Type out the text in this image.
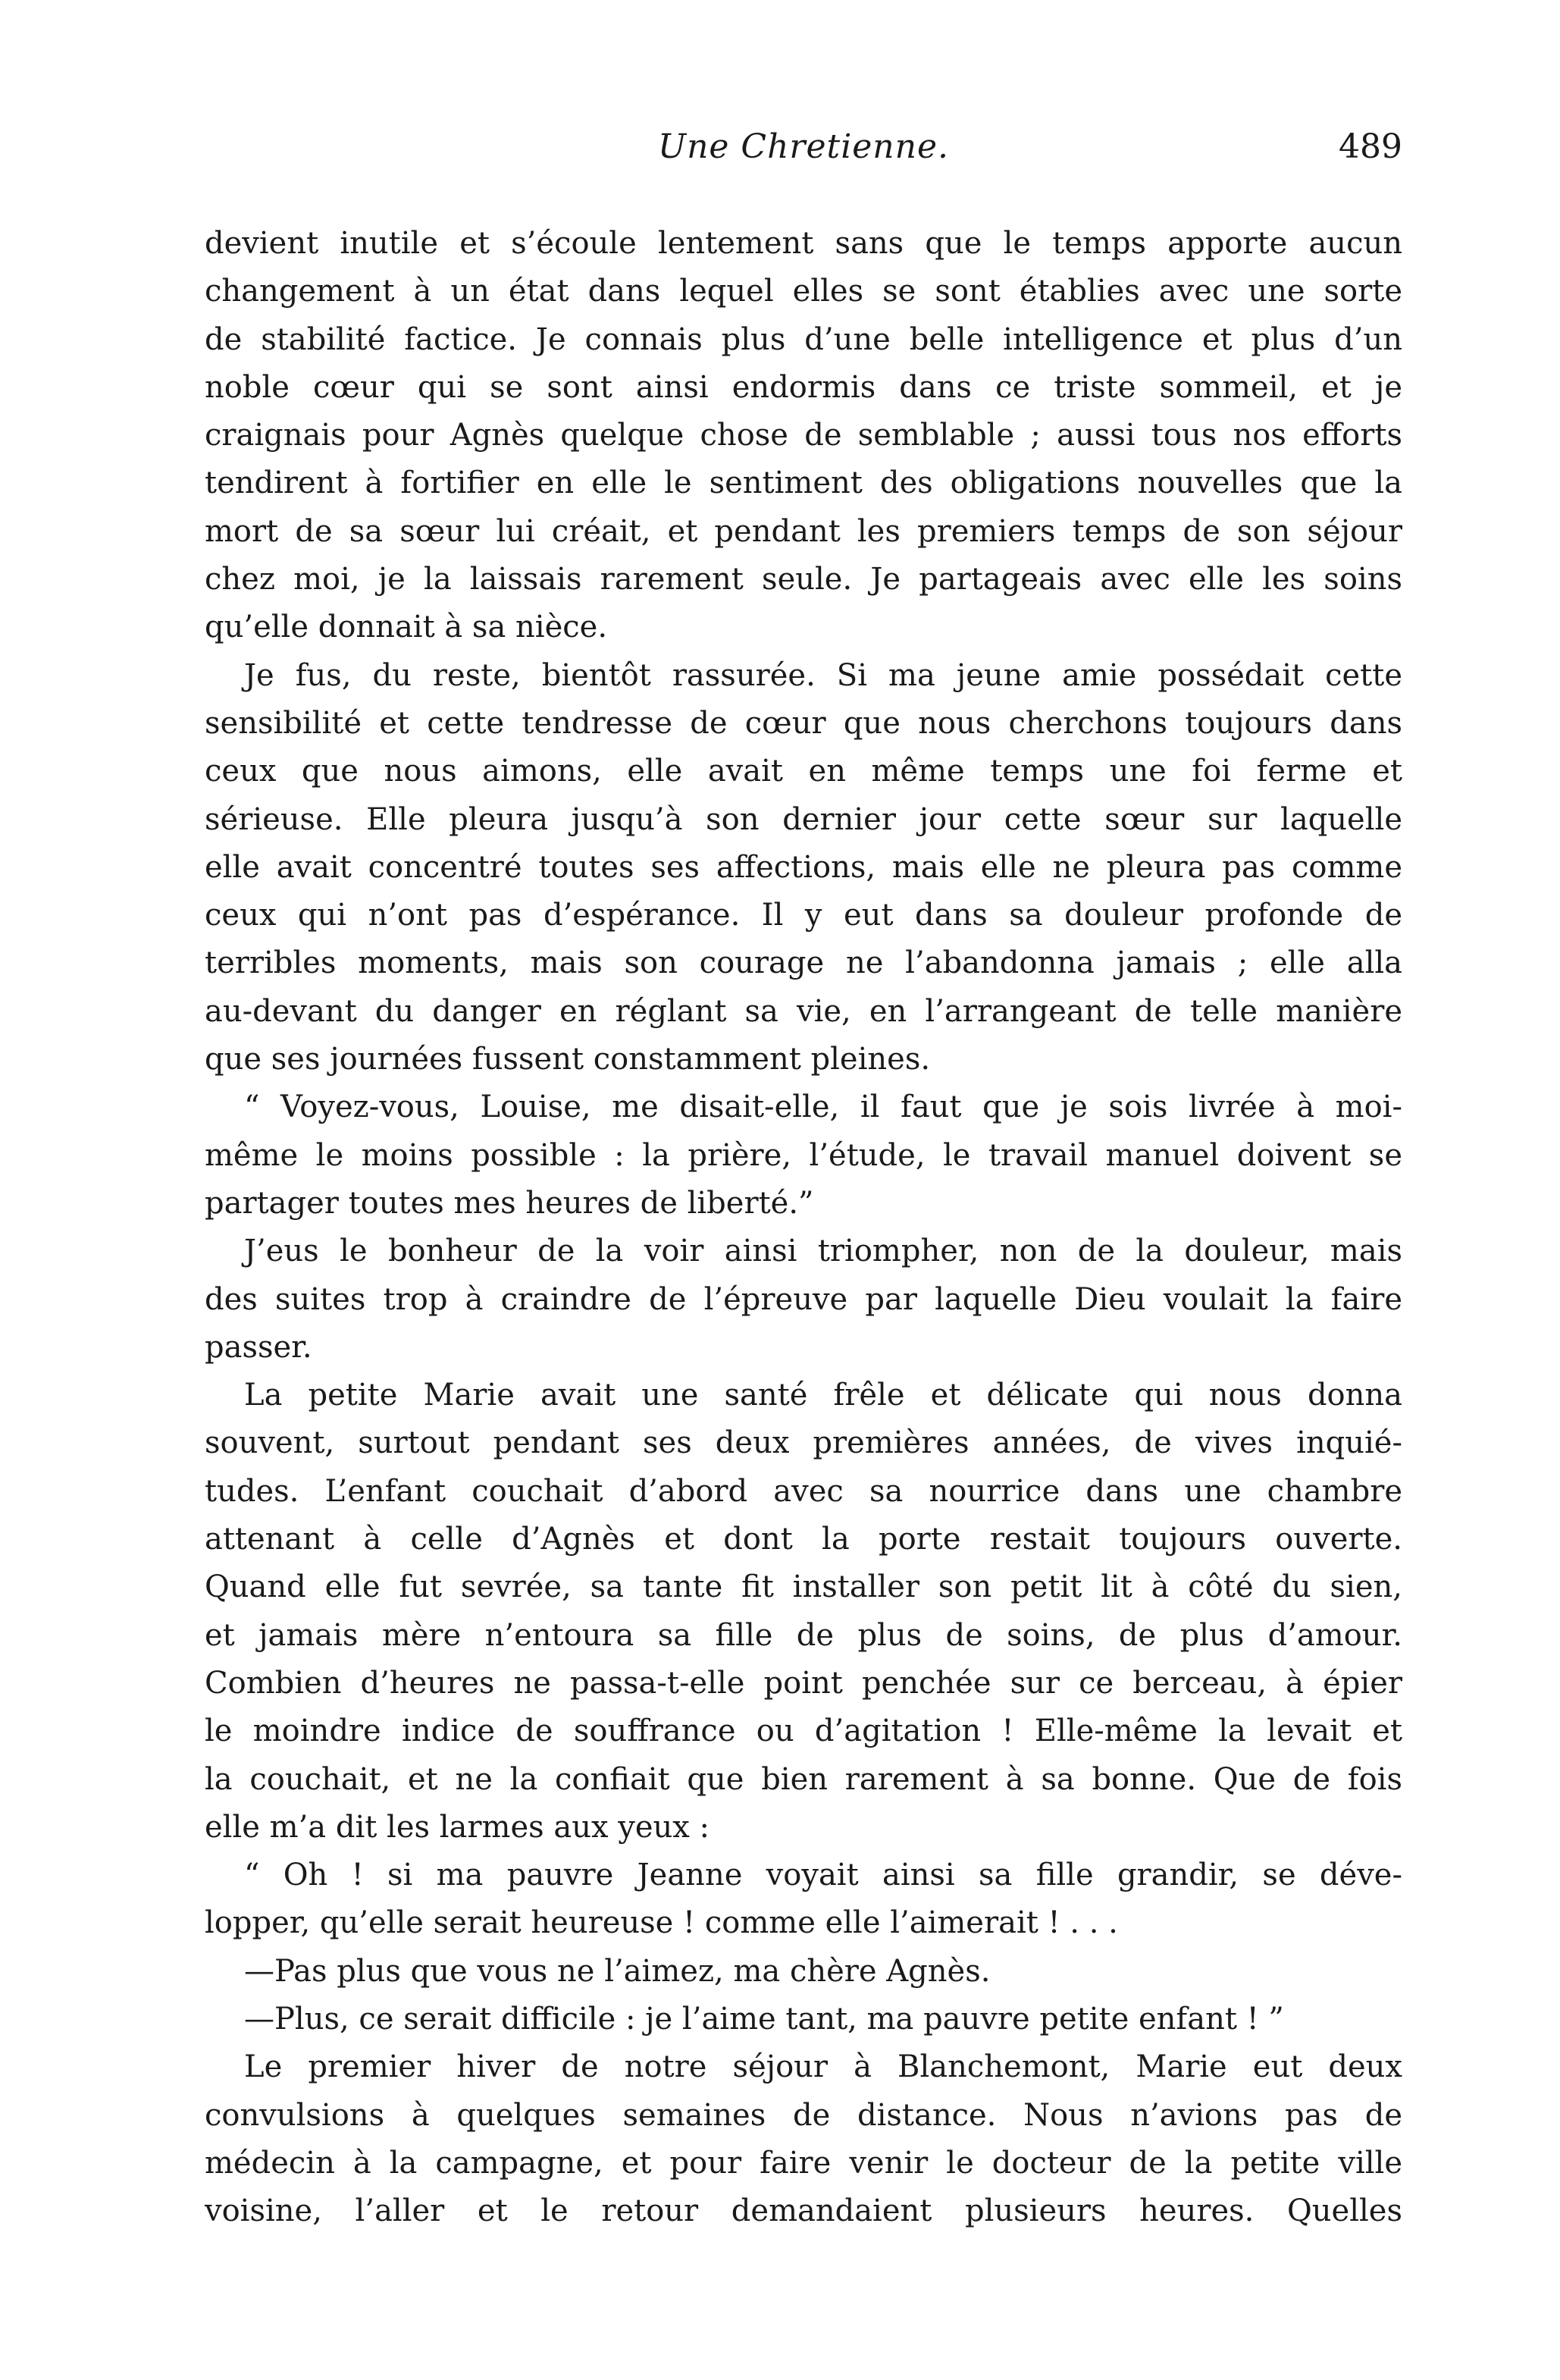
Une Chretienne.	489
devient inutile et s’écoule lentement sans que le temps apporte aucun
changement à un état dans lequel elles se sont établies avec une sorte
de stabilité factice. Je connais plus d’une belle intelligence et plus d’un
noble cœur qui se sont ainsi endormis dans ce triste sommeil, et je
craignais pour Agnès quelque chose de semblable ; aussi tous nos efforts
tendirent à fortifier en elle le sentiment des obligations nouvelles que la
mort de sa sœur lui créait, et pendant les premiers temps de son séjour
chez moi, je la laissais rarement seule. Je partageais avec elle les soins
qu’elle donnait à sa nièce.
Je fus, du reste, bientôt rassurée. Si ma jeune amie possédait cette
sensibilité et cette tendresse de cœur que nous cherchons toujours dans
ceux que nous aimons, elle avait en même temps une foi ferme et
sérieuse. Elle pleura jusqu’à son dernier jour cette sœur sur laquelle
elle avait concentré toutes ses affections, mais elle ne pleura pas comme
ceux qui n’ont pas d’espérance. Il y eut dans sa douleur profonde de
terribles moments, mais son courage ne l’abandonna jamais ; elle alla
au-devant du danger en réglant sa vie, en l’arrangeant de telle manière
que ses journées fussent constamment pleines.
“ Voyez-vous, Louise, me disait-elle, il faut que je sois livrée à moi-
même le moins possible : la prière, l’étude, le travail manuel doivent se
partager toutes mes heures de liberté.”
J’eus le bonheur de la voir ainsi triompher, non de la douleur, mais
des suites trop à craindre de l’épreuve par laquelle Dieu voulait la faire
passer.
La petite Marie avait une santé frêle et délicate qui nous donna
souvent, surtout pendant ses deux premières années, de vives inquié-
tudes. L’enfant couchait d’abord avec sa nourrice dans une chambre
attenant à celle d’Agnès et dont la porte restait toujours ouverte.
Quand elle fut sevrée, sa tante fit installer son petit lit à côté du sien,
et jamais mère n’entoura sa fille de plus de soins, de plus d’amour.
Combien d’heures ne passa-t-elle point penchée sur ce berceau, à épier
le moindre indice de souffrance ou d’agitation ! Elle-même la levait et
la couchait, et ne la confiait que bien rarement à sa bonne. Que de fois
elle m’a dit les larmes aux yeux :
“ Oh ! si ma pauvre Jeanne voyait ainsi sa fille grandir, se déve-
lopper, qu’elle serait heureuse ! comme elle l’aimerait ! . . .
—Pas plus que vous ne l’aimez, ma chère Agnès.
—Plus, ce serait difficile : je l’aime tant, ma pauvre petite enfant ! ”
Le premier hiver de notre séjour à Blanchemont, Marie eut deux
convulsions à quelques semaines de distance. Nous n’avions pas de
médecin à la campagne, et pour faire venir le docteur de la petite ville
voisine, l’aller et le retour demandaient plusieurs heures. Quelles
